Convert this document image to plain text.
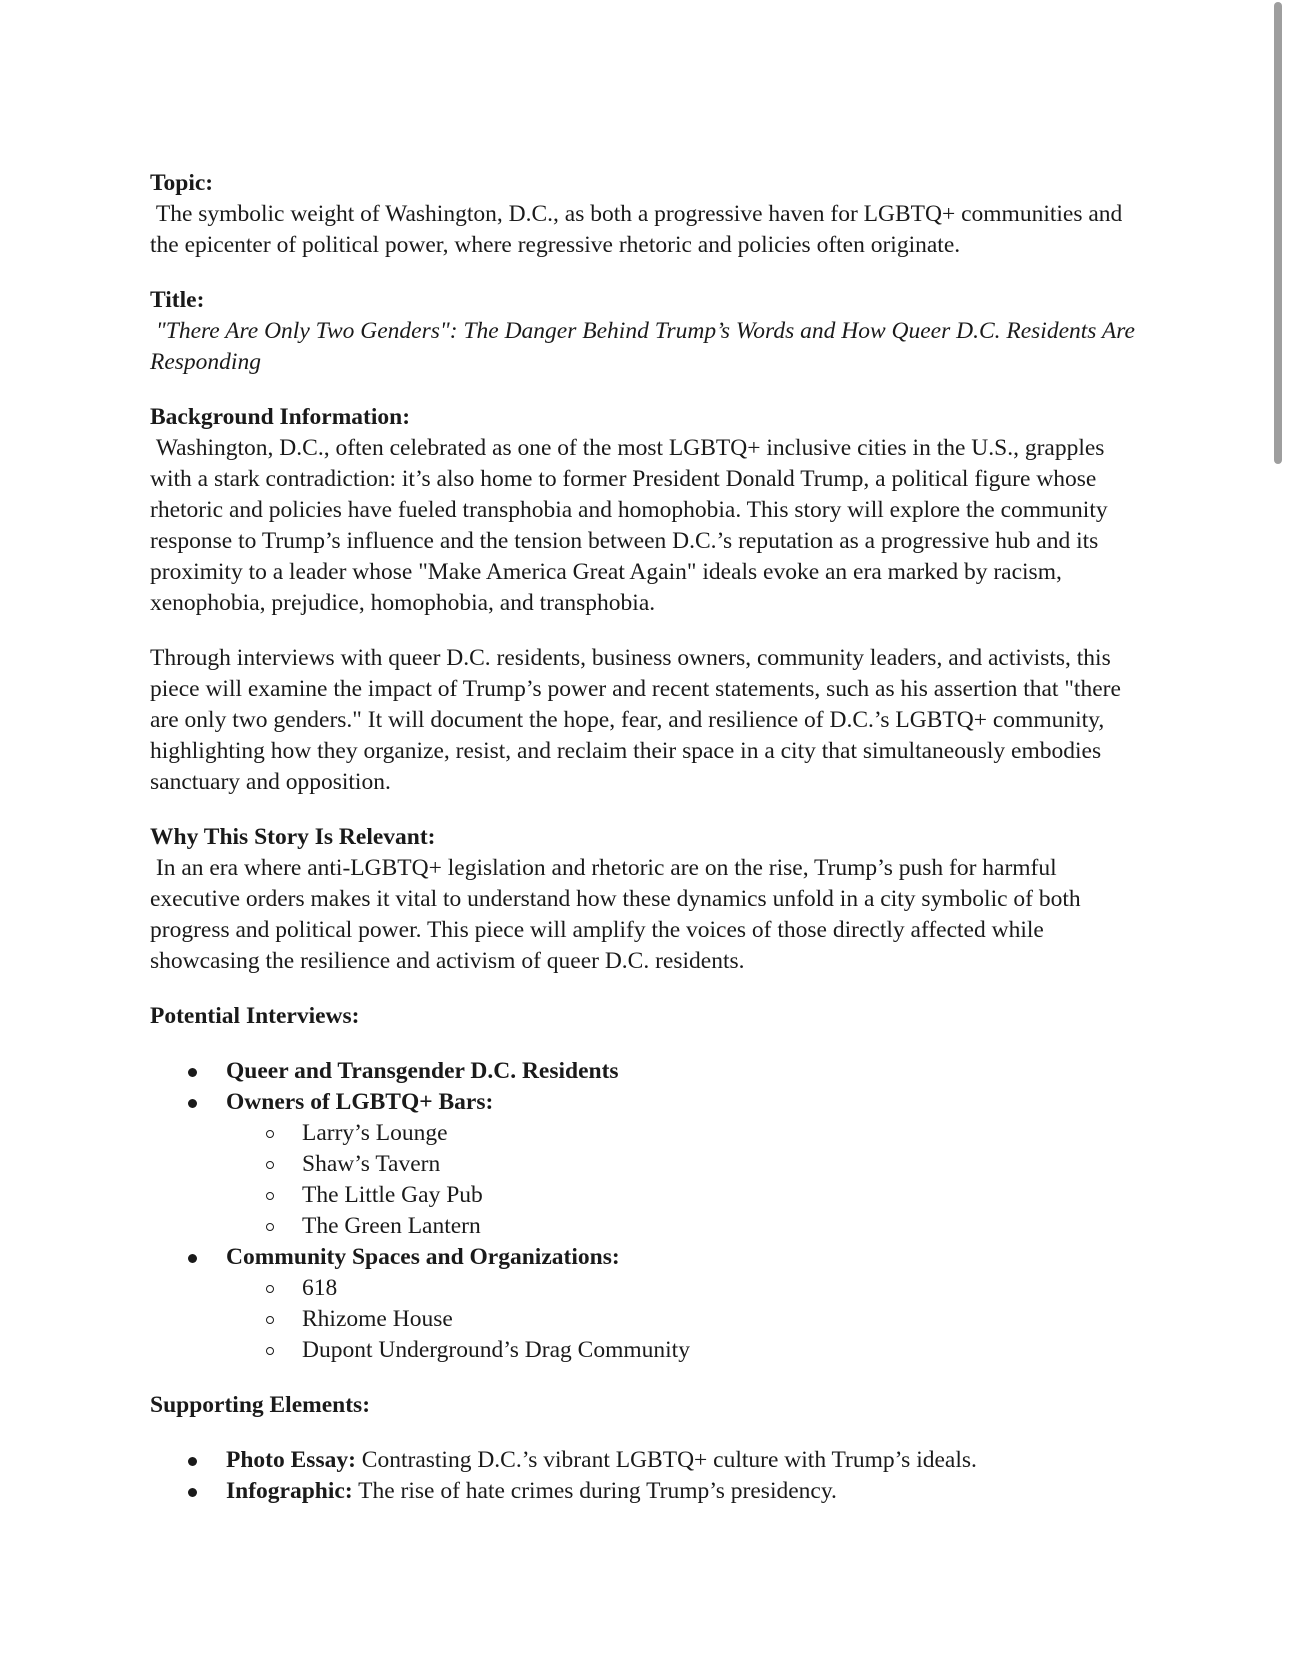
Topic:
The symbolic weight of Washington, D.C., as both a progressive haven for LGBTQ+ communities and the epicenter of political power, where regressive rhetoric and policies often originate.
Title:
"There Are Only Two Genders": The Danger Behind Trump’s Words and How Queer D.C. Residents Are Responding
Background Information:
Washington, D.C., often celebrated as one of the most LGBTQ+ inclusive cities in the U.S., grapples with a stark contradiction: it’s also home to former President Donald Trump, a political figure whose rhetoric and policies have fueled transphobia and homophobia. This story will explore the community response to Trump’s influence and the tension between D.C.’s reputation as a progressive hub and its proximity to a leader whose "Make America Great Again" ideals evoke an era marked by racism, xenophobia, prejudice, homophobia, and transphobia.
Through interviews with queer D.C. residents, business owners, community leaders, and activists, this piece will examine the impact of Trump’s power and recent statements, such as his assertion that "there are only two genders." It will document the hope, fear, and resilience of D.C.’s LGBTQ+ community, highlighting how they organize, resist, and reclaim their space in a city that simultaneously embodies sanctuary and opposition.
Why This Story Is Relevant:
In an era where anti-LGBTQ+ legislation and rhetoric are on the rise, Trump’s push for harmful executive orders makes it vital to understand how these dynamics unfold in a city symbolic of both progress and political power. This piece will amplify the voices of those directly affected while showcasing the resilience and activism of queer D.C. residents.
Potential Interviews:
Queer and Transgender D.C. Residents
Owners of LGBTQ+ Bars:
Larry’s Lounge
Shaw’s Tavern
The Little Gay Pub
The Green Lantern
Community Spaces and Organizations:
618
Rhizome House
Dupont Underground’s Drag Community
Supporting Elements:
Photo Essay: Contrasting D.C.’s vibrant LGBTQ+ culture with Trump’s ideals.
Infographic: The rise of hate crimes during Trump’s presidency.
